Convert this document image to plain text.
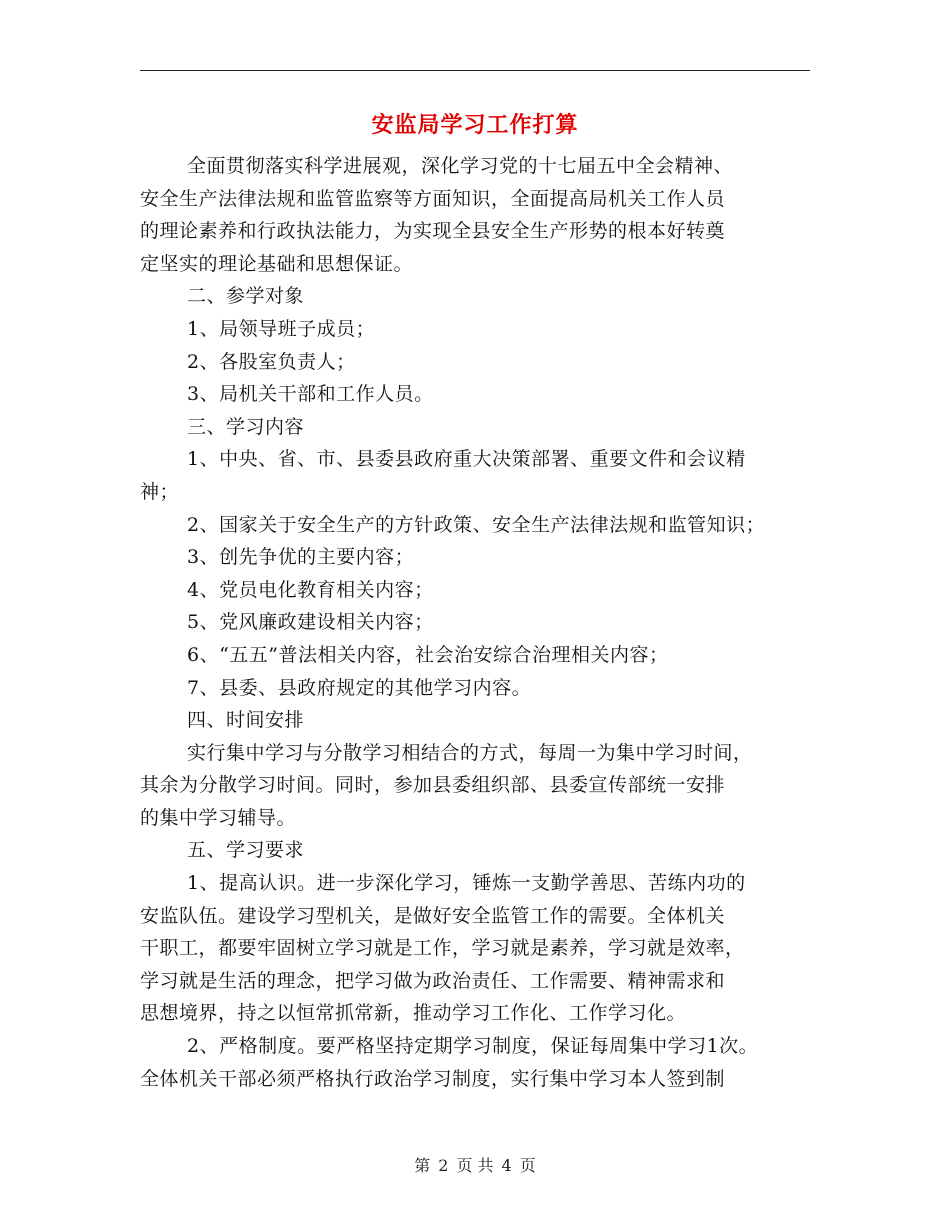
安监局学习工作打算
全面贯彻落实科学进展观，深化学习党的十七届五中全会精神、
安全生产法律法规和监管监察等方面知识，全面提高局机关工作人员
的理论素养和行政执法能力，为实现全县安全生产形势的根本好转奠
定坚实的理论基础和思想保证。
二、参学对象
1、局领导班子成员；
2、各股室负责人；
3、局机关干部和工作人员。
三、学习内容
1、中央、省、市、县委县政府重大决策部署、重要文件和会议精
神；
2、国家关于安全生产的方针政策、安全生产法律法规和监管知识；
3、创先争优的主要内容；
4、党员电化教育相关内容；
5、党风廉政建设相关内容；
6、“五五”普法相关内容，社会治安综合治理相关内容；
7、县委、县政府规定的其他学习内容。
四、时间安排
实行集中学习与分散学习相结合的方式，每周一为集中学习时间，
其余为分散学习时间。同时，参加县委组织部、县委宣传部统一安排
的集中学习辅导。
五、学习要求
1、提高认识。进一步深化学习，锤炼一支勤学善思、苦练内功的
安监队伍。建设学习型机关，是做好安全监管工作的需要。全体机关
干职工，都要牢固树立学习就是工作，学习就是素养，学习就是效率，
学习就是生活的理念，把学习做为政治责任、工作需要、精神需求和
思想境界，持之以恒常抓常新，推动学习工作化、工作学习化。
2、严格制度。要严格坚持定期学习制度，保证每周集中学习1次。
全体机关干部必须严格执行政治学习制度，实行集中学习本人签到制
第 2 页 共 4 页
